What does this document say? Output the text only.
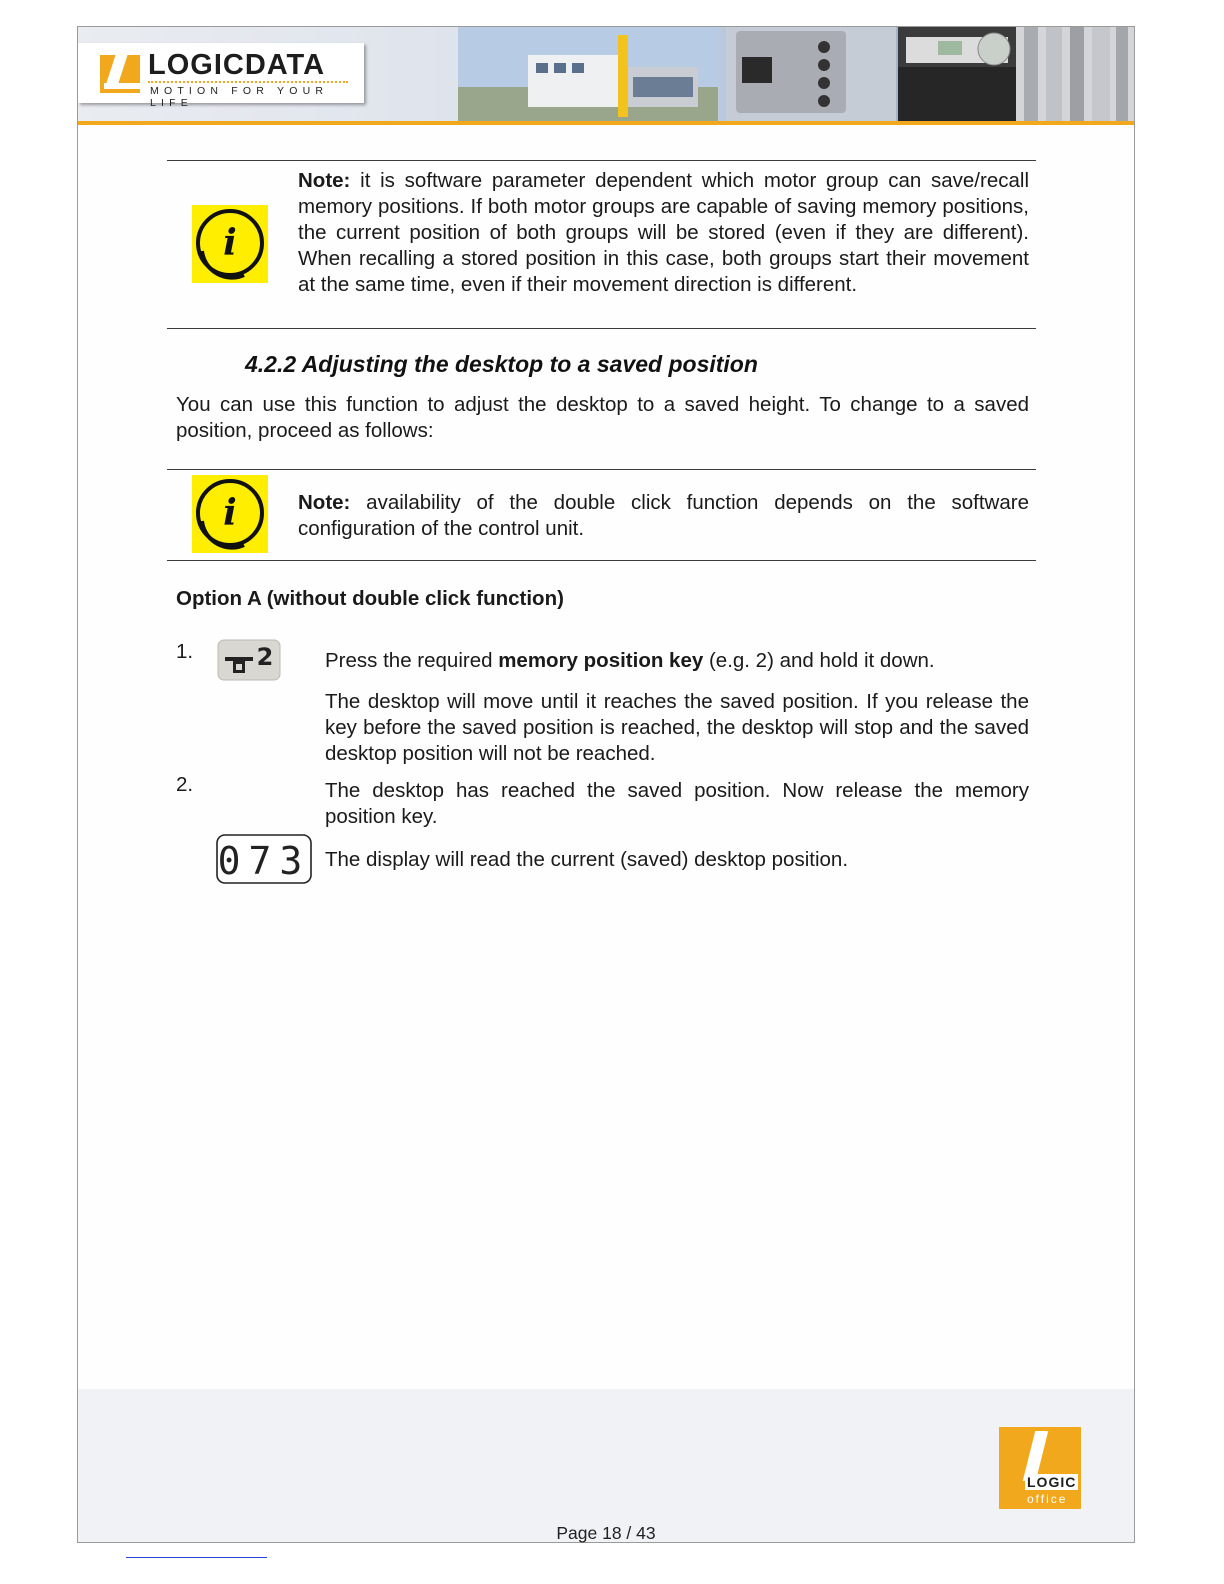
LOGICDATA
MOTION FOR YOUR LIFE
i
Note: it is software parameter dependent which motor group can save/recall memory positions. If both motor groups are capable of saving memory positions, the current position of both groups will be stored (even if they are different). When recalling a stored position in this case, both groups start their movement at the same time, even if their movement direction is different.
4.2.2 Adjusting the desktop to a saved position
You can use this function to adjust the desktop to a saved height. To change to a saved position, proceed as follows:
i	Note: availability of the double click function depends on the software configuration of the control unit.
Option A (without double click function)
1.	2	Press the required memory position key (e.g. 2) and hold it down.
The desktop will move until it reaches the saved position. If you release the key before the saved position is reached, the desktop will stop and the saved desktop position will not be reached.
2.	The desktop has reached the saved position. Now release the memory position key.
073 The display will read the current (saved) desktop position.
LOGIC
office
Page 18 / 43
